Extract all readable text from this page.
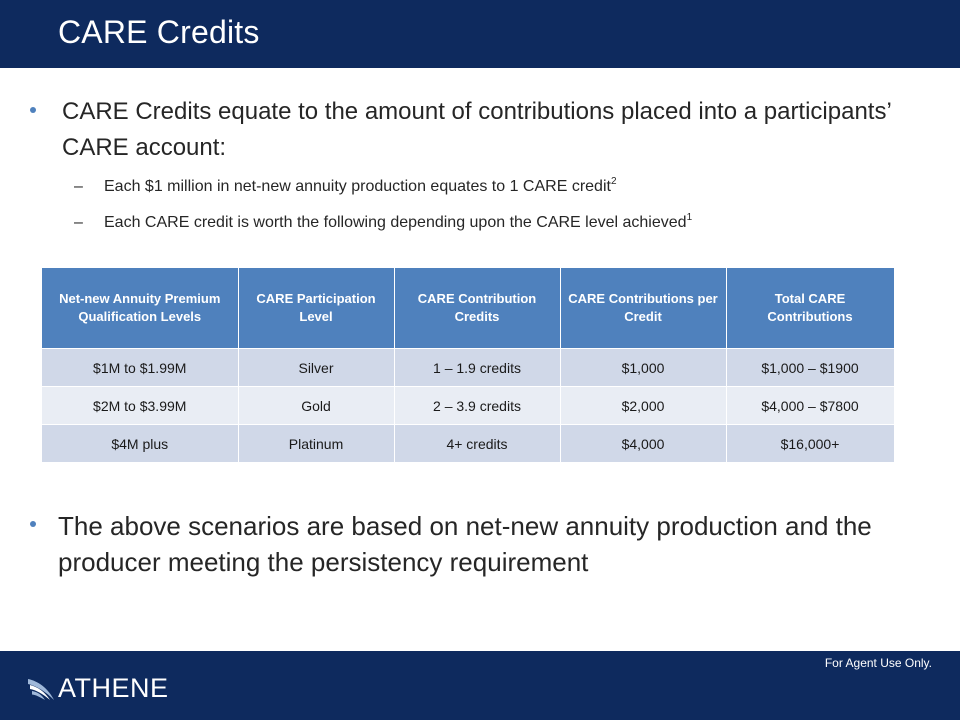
CARE Credits
CARE Credits equate to the amount of contributions placed into a participants’ CARE account:
–	Each $1 million in net-new annuity production equates to 1 CARE credit$^2$
–	Each CARE credit is worth the following depending upon the CARE level achieved$^1$
Net-new Annuity Premium Qualification Levels	CARE Participation Level	CARE Contribution Credits	CARE Contributions per Credit	Total CARE Contributions
$1M to $1.99M	Silver	1 – 1.9 credits	$1,000	$1,000 – $1900
$2M to $3.99M	Gold	2 – 3.9 credits	$2,000	$4,000 – $7800
$4M plus	Platinum	4+ credits	$4,000	$16,000+
The above scenarios are based on net-new annuity production and the producer meeting the persistency requirement
For Agent Use Only.
ATHENE
